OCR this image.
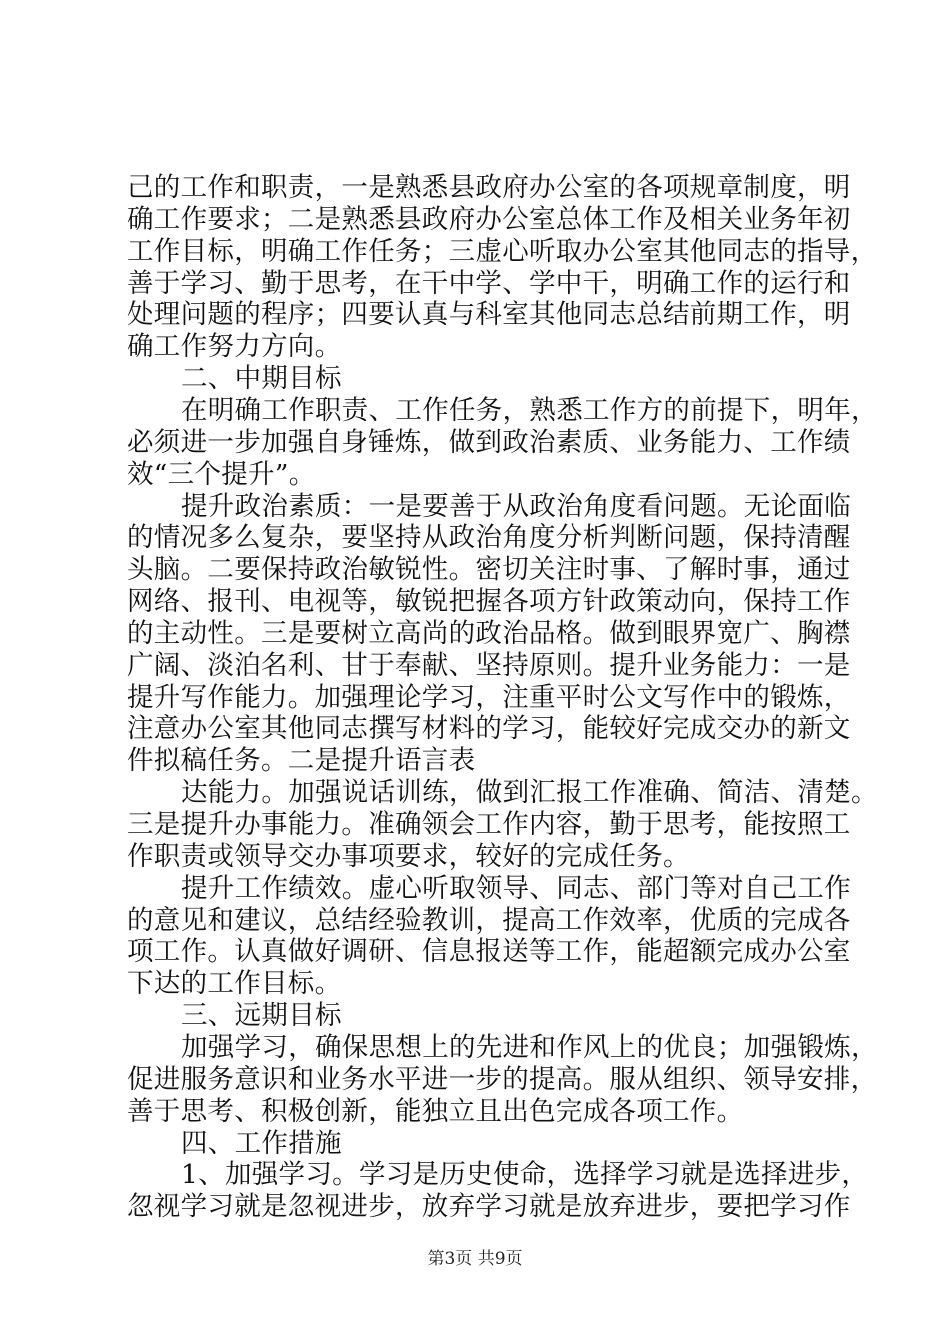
己的工作和职责，一是熟悉县政府办公室的各项规章制度，明
确工作要求；二是熟悉县政府办公室总体工作及相关业务年初
工作目标，明确工作任务；三虚心听取办公室其他同志的指导，
善于学习、勤于思考，在干中学、学中干，明确工作的运行和
处理问题的程序；四要认真与科室其他同志总结前期工作，明
确工作努力方向。
二、中期目标
在明确工作职责、工作任务，熟悉工作方的前提下，明年，
必须进一步加强自身锤炼，做到政治素质、业务能力、工作绩
效“三个提升”。
提升政治素质：一是要善于从政治角度看问题。无论面临
的情况多么复杂，要坚持从政治角度分析判断问题，保持清醒
头脑。二要保持政治敏锐性。密切关注时事、了解时事，通过
网络、报刊、电视等，敏锐把握各项方针政策动向，保持工作
的主动性。三是要树立高尚的政治品格。做到眼界宽广、胸襟
广阔、淡泊名利、甘于奉献、坚持原则。提升业务能力：一是
提升写作能力。加强理论学习，注重平时公文写作中的锻炼，
注意办公室其他同志撰写材料的学习，能较好完成交办的新文
件拟稿任务。二是提升语言表
达能力。加强说话训练，做到汇报工作准确、简洁、清楚。
三是提升办事能力。准确领会工作内容，勤于思考，能按照工
作职责或领导交办事项要求，较好的完成任务。
提升工作绩效。虚心听取领导、同志、部门等对自己工作
的意见和建议，总结经验教训，提高工作效率，优质的完成各
项工作。认真做好调研、信息报送等工作，能超额完成办公室
下达的工作目标。
三、远期目标
加强学习，确保思想上的先进和作风上的优良；加强锻炼，
促进服务意识和业务水平进一步的提高。服从组织、领导安排，
善于思考、积极创新，能独立且出色完成各项工作。
四、工作措施
1、加强学习。学习是历史使命，选择学习就是选择进步，
忽视学习就是忽视进步，放弃学习就是放弃进步，要把学习作
第3页 共9页
